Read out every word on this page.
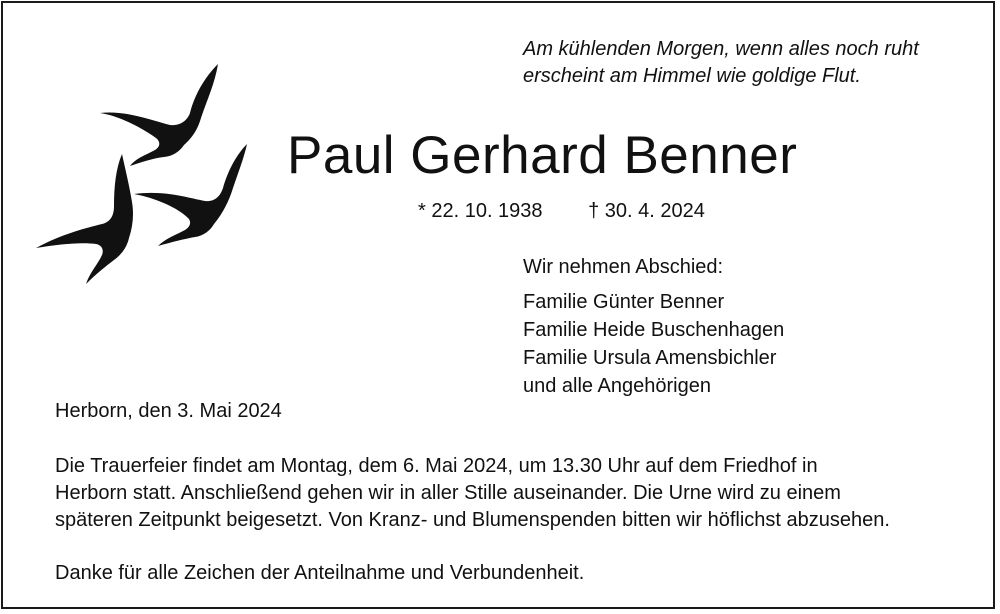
Am kühlenden Morgen, wenn alles noch ruht
erscheint am Himmel wie goldige Flut.
Paul Gerhard Benner
* 22. 10. 1938 † 30. 4. 2024
Wir nehmen Abschied:
Familie Günter Benner
Familie Heide Buschenhagen
Familie Ursula Amensbichler
und alle Angehörigen
Herborn, den 3. Mai 2024
Die Trauerfeier findet am Montag, dem 6. Mai 2024, um 13.30 Uhr auf dem Friedhof in
Herborn statt. Anschließend gehen wir in aller Stille auseinander. Die Urne wird zu einem
späteren Zeitpunkt beigesetzt. Von Kranz- und Blumenspenden bitten wir höflichst abzusehen.
Danke für alle Zeichen der Anteilnahme und Verbundenheit.
